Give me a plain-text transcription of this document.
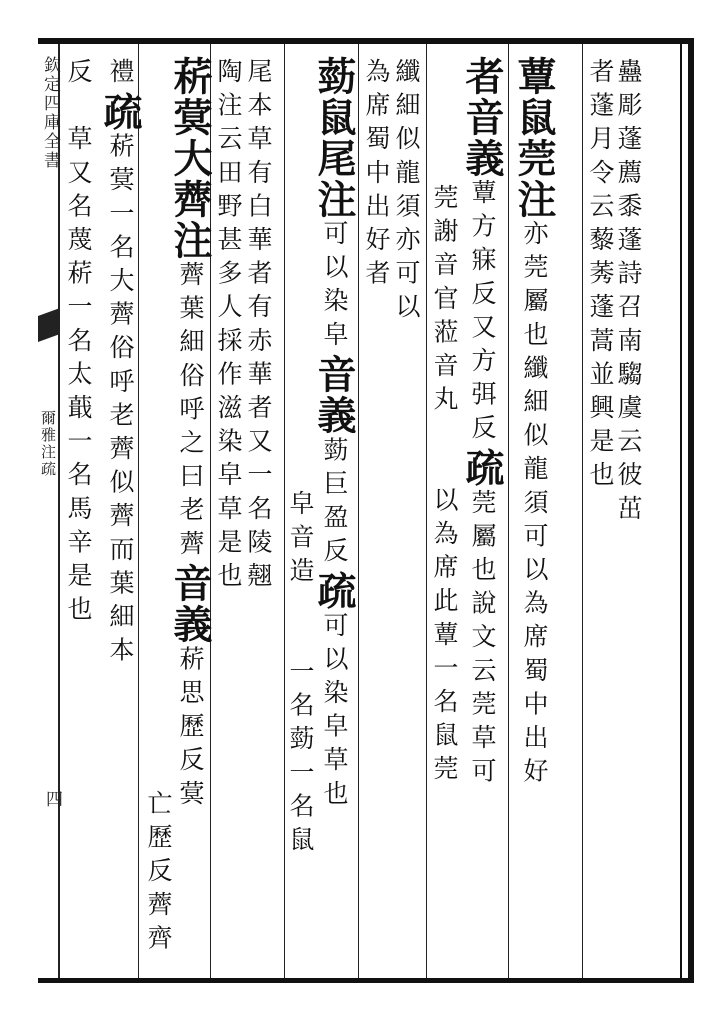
欽定四庫全書
爾雅注疏
四
蠱彫蓬薦黍蓬詩召南騶虞云彼茁
者蓬月令云藜莠蓬蒿並興是也
蕈鼠莞注亦莞屬也纖細似龍須可以為席蜀中出好
者音義蕈方寐反又方弭反疏莞屬也說文云莞草可
莞謝音官蒞音丸　　以為席此蕈一名鼠莞
纖細似龍須亦可以
為席蜀中出好者
葝鼠尾注可以染皁音義葝巨盈反疏可以染皁草也
皁音造　　一名葝一名鼠
尾本草有白華者有赤華者又一名陵翹
陶注云田野甚多人採作滋染皁草是也
菥蓂大薺注薺葉細俗呼之曰老薺音義菥思歷反蓂
亡歷反薺齊
禮疏菥蓂一名大薺俗呼老薺似薺而葉細本
反　草又名蔑菥一名太蕺一名馬辛是也
